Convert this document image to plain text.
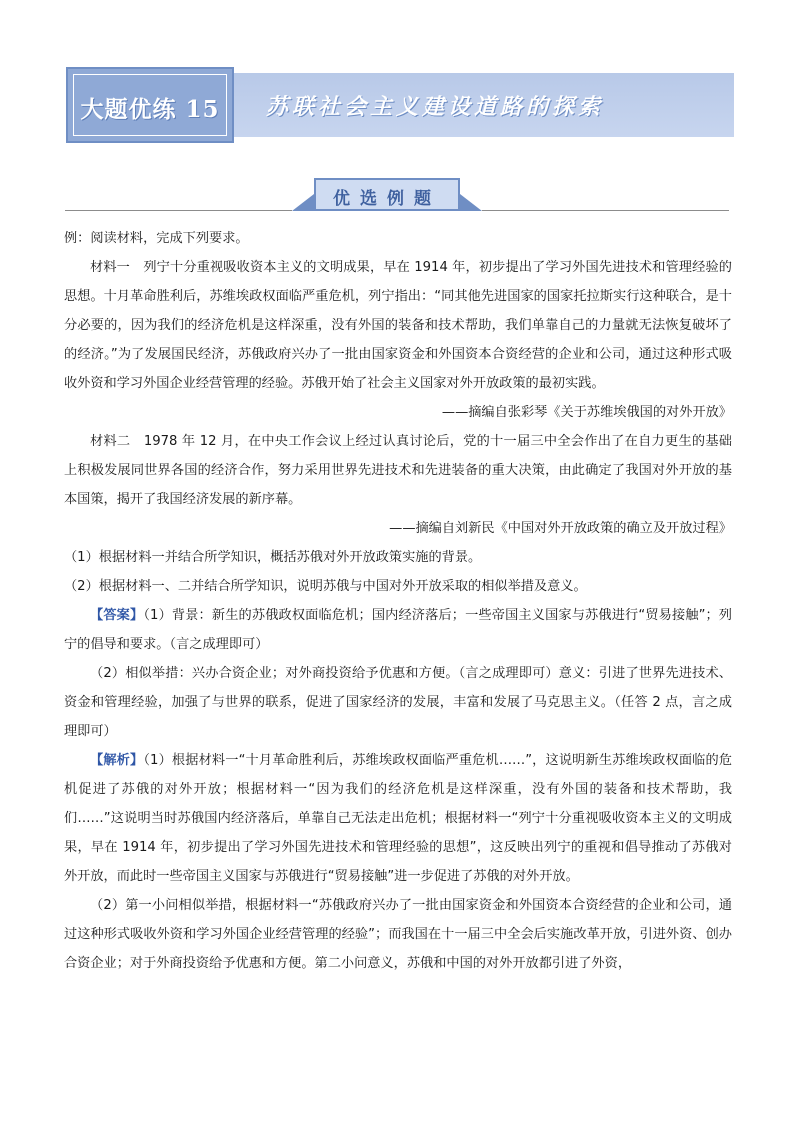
苏联社会主义建设道路的探索
大题优练 15
优选例题

例：阅读材料，完成下列要求。

材料一　列宁十分重视吸收资本主义的文明成果，早在 1914 年，初步提出了学习外国先进技术和管理经验的思想。十月革命胜利后，苏维埃政权面临严重危机，列宁指出：“同其他先进国家的国家托拉斯实行这种联合，是十分必要的，因为我们的经济危机是这样深重，没有外国的装备和技术帮助，我们单靠自己的力量就无法恢复破坏了的经济。”为了发展国民经济，苏俄政府兴办了一批由国家资金和外国资本合资经营的企业和公司，通过这种形式吸收外资和学习外国企业经营管理的经验。苏俄开始了社会主义国家对外开放政策的最初实践。

——摘编自张彩琴《关于苏维埃俄国的对外开放》

材料二　1978 年 12 月，在中央工作会议上经过认真讨论后，党的十一届三中全会作出了在自力更生的基础上积极发展同世界各国的经济合作，努力采用世界先进技术和先进装备的重大决策，由此确定了我国对外开放的基本国策，揭开了我国经济发展的新序幕。

——摘编自刘新民《中国对外开放政策的确立及开放过程》

（1）根据材料一并结合所学知识，概括苏俄对外开放政策实施的背景。

（2）根据材料一、二并结合所学知识，说明苏俄与中国对外开放采取的相似举措及意义。

【答案】（1）背景：新生的苏俄政权面临危机；国内经济落后；一些帝国主义国家与苏俄进行“贸易接触”；列宁的倡导和要求。（言之成理即可）

（2）相似举措：兴办合资企业；对外商投资给予优惠和方便。（言之成理即可）意义：引进了世界先进技术、资金和管理经验，加强了与世界的联系，促进了国家经济的发展，丰富和发展了马克思主义。（任答 2 点，言之成理即可）

【解析】（1）根据材料一“十月革命胜利后，苏维埃政权面临严重危机……”，这说明新生苏维埃政权面临的危机促进了苏俄的对外开放；根据材料一“因为我们的经济危机是这样深重，没有外国的装备和技术帮助，我们……”这说明当时苏俄国内经济落后，单靠自己无法走出危机；根据材料一“列宁十分重视吸收资本主义的文明成果，早在 1914 年，初步提出了学习外国先进技术和管理经验的思想”，这反映出列宁的重视和倡导推动了苏俄对外开放，而此时一些帝国主义国家与苏俄进行“贸易接触”进一步促进了苏俄的对外开放。

（2）第一小问相似举措，根据材料一“苏俄政府兴办了一批由国家资金和外国资本合资经营的企业和公司，通过这种形式吸收外资和学习外国企业经营管理的经验”；而我国在十一届三中全会后实施改革开放，引进外资、创办合资企业；对于外商投资给予优惠和方便。第二小问意义，苏俄和中国的对外开放都引进了外资，
